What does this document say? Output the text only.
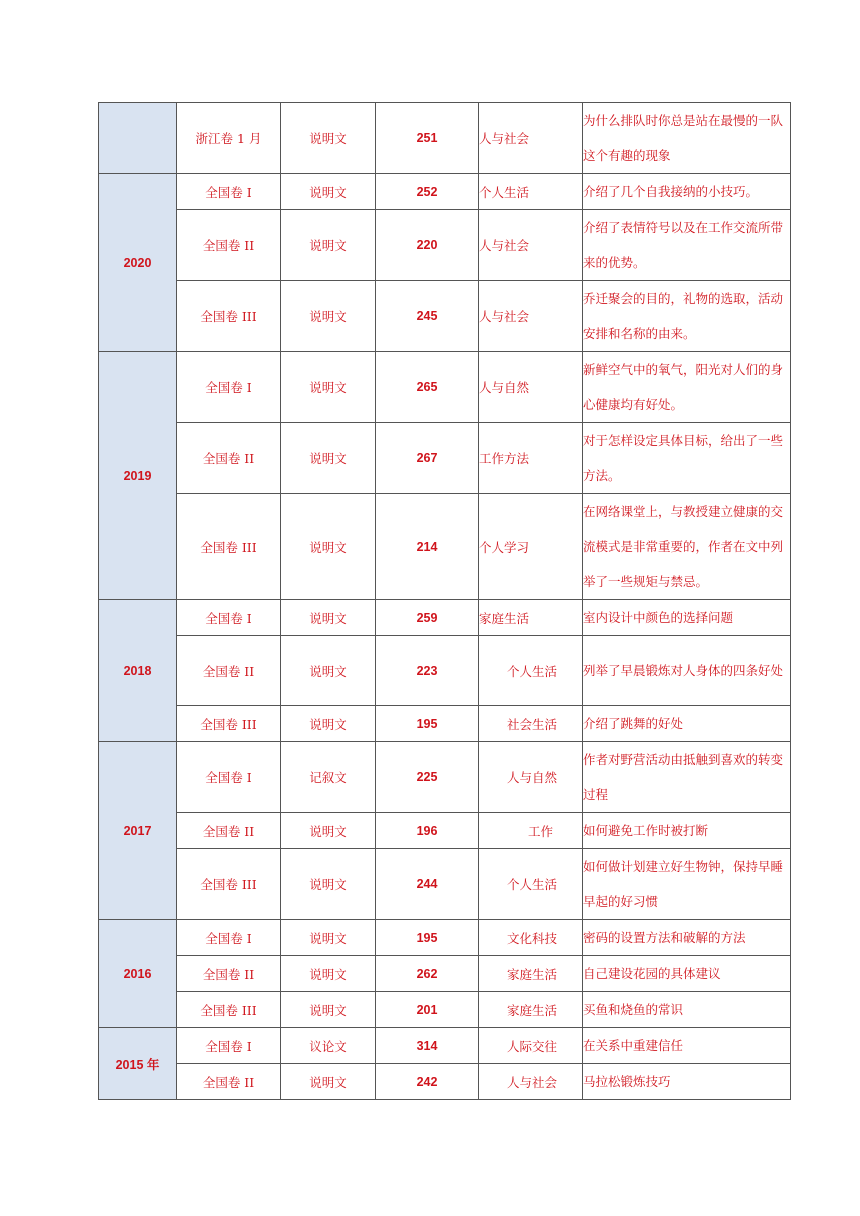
	浙江卷 1 月	说明文	251	人与社会	为什么排队时你总是站在最慢的一队这个有趣的现象
2020	全国卷 I	说明文	252	个人生活	介绍了几个自我接纳的小技巧。
	全国卷 II	说明文	220	人与社会	介绍了表情符号以及在工作交流所带来的优势。
	全国卷 III	说明文	245	人与社会	乔迁聚会的目的，礼物的选取，活动安排和名称的由来。
2019	全国卷 I	说明文	265	人与自然	新鲜空气中的氧气，阳光对人们的身心健康均有好处。
	全国卷 II	说明文	267	工作方法	对于怎样设定具体目标，给出了一些方法。
	全国卷 III	说明文	214	个人学习	在网络课堂上，与教授建立健康的交流模式是非常重要的，作者在文中列举了一些规矩与禁忌。
2018	全国卷 I	说明文	259	家庭生活	室内设计中颜色的选择问题
	全国卷 II	说明文	223	个人生活	列举了早晨锻炼对人身体的四条好处
	全国卷 III	说明文	195	社会生活	介绍了跳舞的好处
2017	全国卷 I	记叙文	225	人与自然	作者对野营活动由抵触到喜欢的转变过程
	全国卷 II	说明文	196	工作	如何避免工作时被打断
	全国卷 III	说明文	244	个人生活	如何做计划建立好生物钟，保持早睡早起的好习惯
2016	全国卷 I	说明文	195	文化科技	密码的设置方法和破解的方法
	全国卷 II	说明文	262	家庭生活	自己建设花园的具体建议
	全国卷 III	说明文	201	家庭生活	买鱼和烧鱼的常识
2015 年	全国卷 I	议论文	314	人际交往	在关系中重建信任
	全国卷 II	说明文	242	人与社会	马拉松锻炼技巧
